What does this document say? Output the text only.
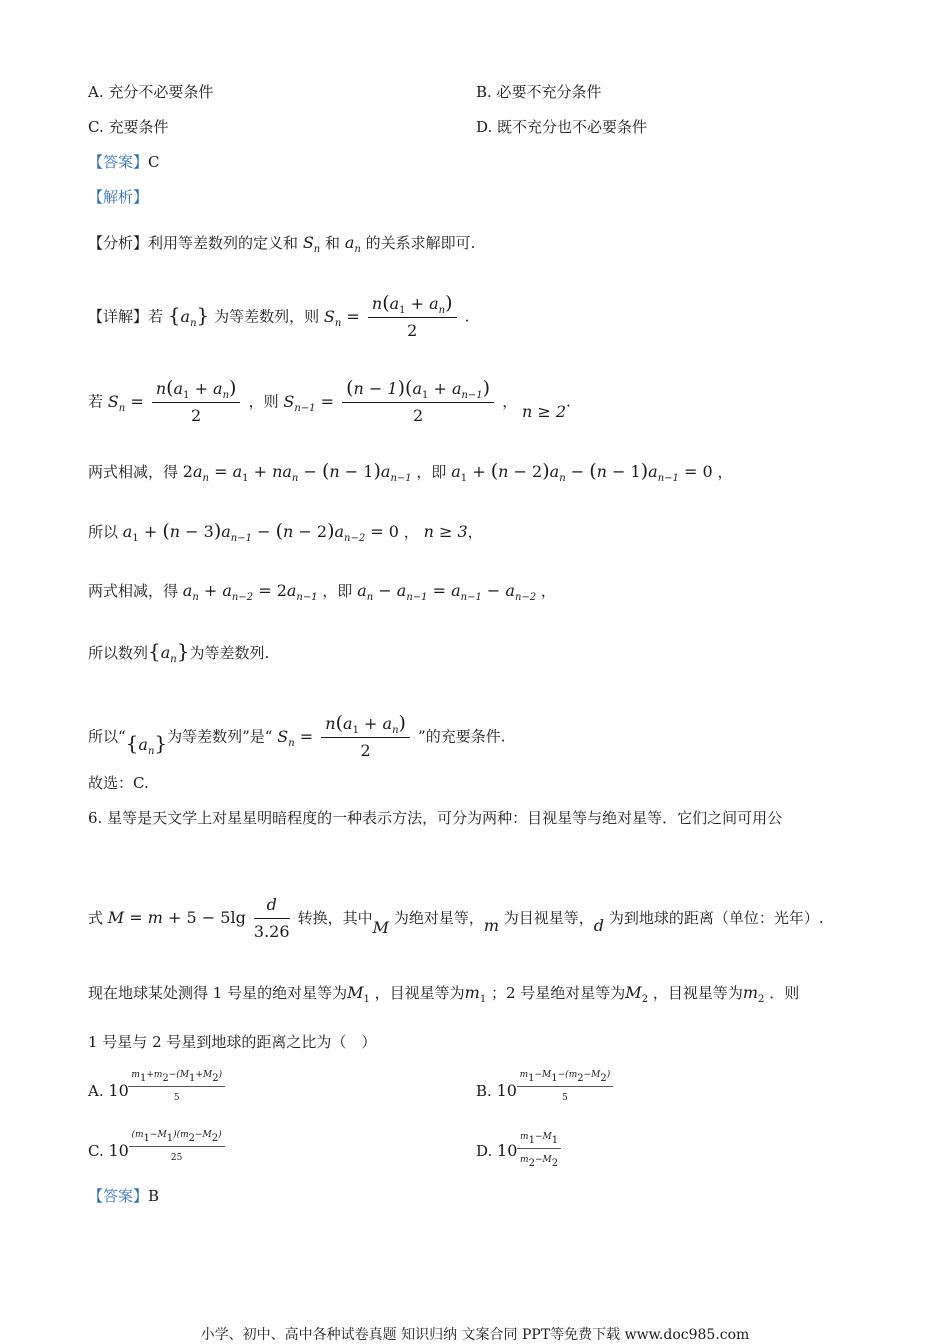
A. 充分不必要条件	B. 必要不充分条件
C. 充要条件	D. 既不充分也不必要条件
【答案】C
【解析】
【分析】利用等差数列的定义和 $S_n$ 和 $a_n$ 的关系求解即可.
【详解】若 $\{a_n\}$ 为等差数列，则 $S_n = \frac{n(a_1 + a_n)}{2}$ .
若 $S_n = \frac{n(a_1 + a_n)}{2}$ ，则 $S_{n-1} = \frac{(n - 1)(a_1 + a_{n-1})}{2}$ ， n ≥ 2.
两式相减，得 $2a_n = a_1 + na_n - (n - 1)a_{n-1}$ ，即 $a_1 + (n - 2)a_n - (n - 1)a_{n-1} = 0$ ，
所以 $a_1 + (n - 3)a_{n-1} - (n - 2)a_{n-2} = 0$ ， n ≥ 3，
两式相减，得 $a_n + a_{n-2} = 2a_{n-1}$ ，即 $a_n - a_{n-1} = a_{n-1} - a_{n-2}$ ，
所以数列$\{a_n\}$为等差数列.
所以“$\{a_n\}$为等差数列”是“ $S_n = \frac{n(a_1 + a_n)}{2}$ ”的充要条件.
故选：C.
6. 星等是天文学上对星星明暗程度的一种表示方法，可分为两种：目视星等与绝对星等．它们之间可用公
式 $M = m + 5 - 5\lg \frac{d}{3.26}$ 转换，其中M 为绝对星等，m 为目视星等，d 为到地球的距离（单位：光年）.
现在地球某处测得 1 号星的绝对星等为$M_1$ ，目视星等为$m_1$ ；2 号星绝对星等为$M_2$ ，目视星等为$m_2$ ．则
1 号星与 2 号星到地球的距离之比为（　）
A. 10
$m_1+m_2-(M_1+M_2)$
5	B. 10
$m_1-M_1-(m_2-M_2)$
5
C. 10
$(m_1-M_1)(m_2-M_2)$
25	D. 10
$m_1-M_1$
$m_2-M_2$
【答案】B
小学、初中、高中各种试卷真题 知识归纳 文案合同 PPT等免费下载 www.doc985.com
